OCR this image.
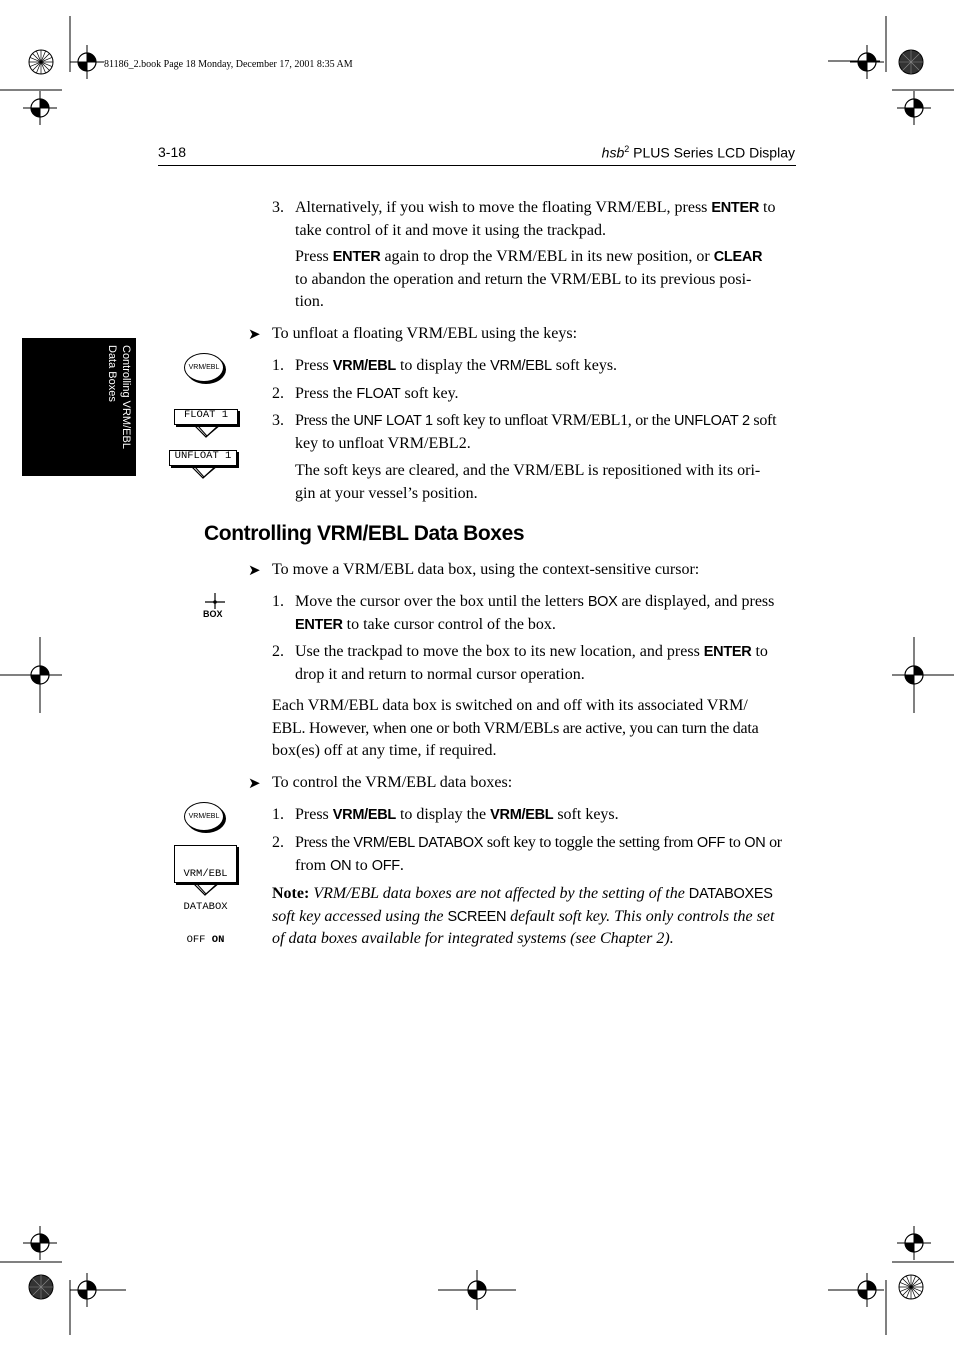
81186_2.book Page 18 Monday, December 17, 2001 8:35 AM
3-18	hsb$^2$ PLUS Series LCD Display
Controlling VRM/EBL
Data Boxes
3. Alternatively, if you wish to move the floating VRM/EBL, press ENTER to
take control of it and move it using the trackpad.
Press ENTER again to drop the VRM/EBL in its new position, or CLEAR
to abandon the operation and return the VRM/EBL to its previous posi-
tion.
➤ To unfloat a floating VRM/EBL using the keys:
VRM/EBL	1. Press VRM/EBL to display the VRM/EBL soft keys.
2. Press the FLOAT soft key.
FLOAT 1
UNFLOAT 1
3. Press the UNF LOAT 1 soft key to unfloat VRM/EBL1, or the UNFLOAT 2 soft
key to unfloat VRM/EBL2.
The soft keys are cleared, and the VRM/EBL is repositioned with its ori-
gin at your vessel’s position.
Controlling VRM/EBL Data Boxes
➤ To move a VRM/EBL data box, using the context-sensitive cursor:
BOX
1. Move the cursor over the box until the letters BOX are displayed, and press
ENTER to take cursor control of the box.
2. Use the trackpad to move the box to its new location, and press ENTER to
drop it and return to normal cursor operation.
Each VRM/EBL data box is switched on and off with its associated VRM/
EBL. However, when one or both VRM/EBLs are active, you can turn the data
box(es) off at any time, if required.
➤ To control the VRM/EBL data boxes:
VRM/EBL	1. Press VRM/EBL to display the VRM/EBL soft keys.

VRM/EBL

DATABOX

OFF ON

2. Press the VRM/EBL DATABOX soft key to toggle the setting from OFF to ON or
from ON to OFF.
Note: VRM/EBL data boxes are not affected by the setting of the DATABOXES
soft key accessed using the SCREEN default soft key. This only controls the set
of data boxes available for integrated systems (see Chapter 2).
